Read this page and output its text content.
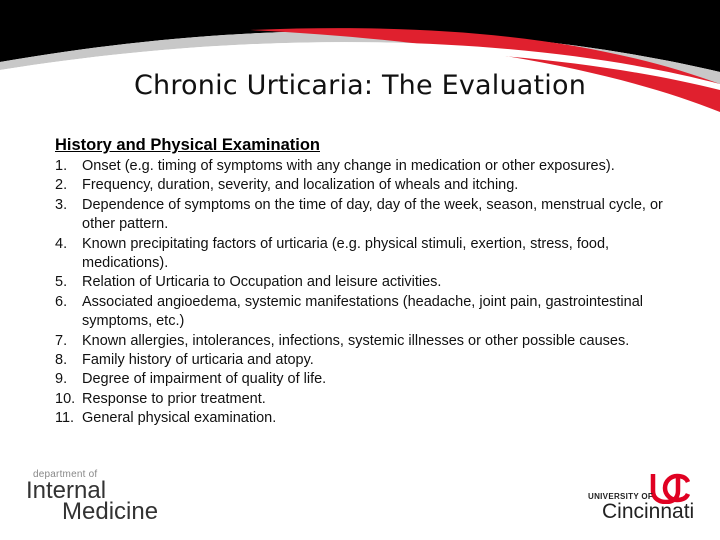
Chronic Urticaria: The Evaluation
History and Physical Examination
1.	Onset (e.g. timing of symptoms with any change in medication or other exposures).
2.	Frequency, duration, severity, and localization of wheals and itching.
3.	Dependence of symptoms on the time of day, day of the week, season, menstrual cycle, or other pattern.
4.	Known precipitating factors of urticaria (e.g. physical stimuli, exertion, stress, food, medications).
5.	Relation of Urticaria to Occupation and leisure activities.
6.	Associated angioedema, systemic manifestations (headache, joint pain, gastrointestinal symptoms, etc.)
7.	Known allergies, intolerances, infections, systemic illnesses or other possible causes.
8.	Family history of urticaria and atopy.
9.	Degree of impairment of quality of life.
10. Response to prior treatment.
11. General physical examination.
department of
Internal
Medicine
UNIVERSITY OF
Cincinnati
